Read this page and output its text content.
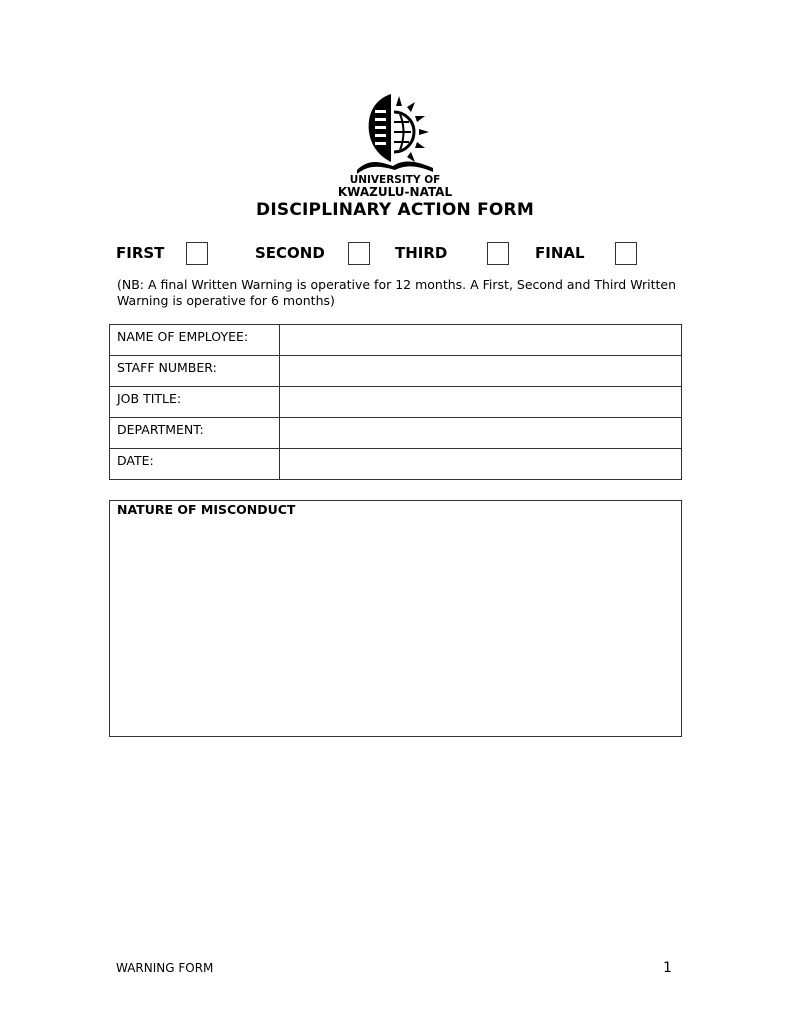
UNIVERSITY OF
KWAZULU-NATAL
DISCIPLINARY ACTION FORM
FIRST	SECOND	THIRD	FINAL
(NB: A final Written Warning is operative for 12 months. A First, Second and Third Written Warning is operative for 6 months)
NAME OF EMPLOYEE:	
STAFF NUMBER:	
JOB TITLE:	
DEPARTMENT:	
DATE:	
NATURE OF MISCONDUCT
WARNING FORM	1
